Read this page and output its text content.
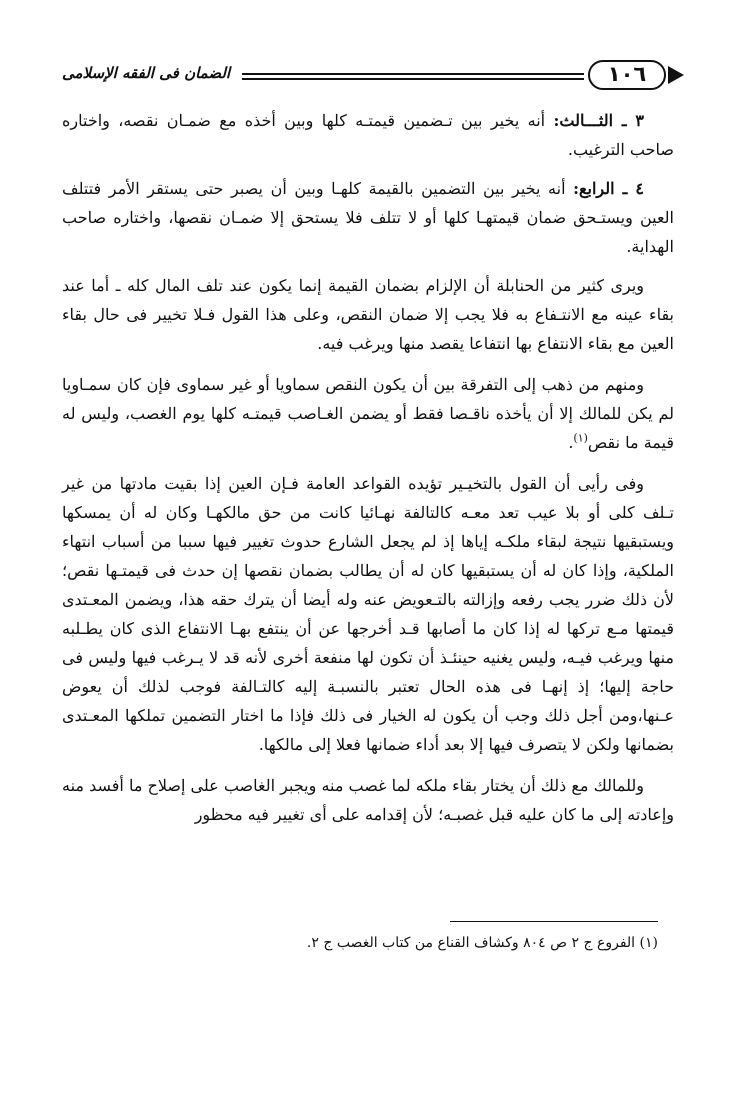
الضمان فى الفقه الإسلامى	١٠٦

٣ ـ الثـــالث: أنه يخير بين تـضمين قيمتـه كلها وبين أخذه مع ضمـان نقصه، واختاره صاحب الترغيب.

٤ ـ الرابع: أنه يخير بين التضمين بالقيمة كلهـا وبين أن يصبر حتى يستقر الأمر فتتلف العين ويستـحق ضمان قيمتهـا كلها أو لا تتلف فلا يستحق إلا ضمـان نقصها، واختاره صاحب الهداية.

ويرى كثير من الحنابلة أن الإلزام بضمان القيمة إنما يكون عند تلف المال كله ـ أما عند بقاء عينه مع الانتـفاع به فلا يجب إلا ضمان النقص، وعلى هذا القول فـلا تخيير فى حال بقاء العين مع بقاء الانتفاع بها انتفاعا يقصد منها ويرغب فيه.

ومنهم من ذهب إلى التفرقة بين أن يكون النقص سماويا أو غير سماوى فإن كان سمـاويا لم يكن للمالك إلا أن يأخذه ناقـصا فقط أو يضمن الغـاصب قيمتـه كلها يوم الغصب، وليس له قيمة ما نقص$^{(١)}$.

وفى رأيى أن القول بالتخيـير تؤيده القواعد العامة فـإن العين إذا بقيت مادتها من غير تـلف كلى أو بلا عيب تعد معـه كالتالفة نهـائيا كانت من حق مالكهـا وكان له أن يمسكها ويستبقيها نتيجة لبقاء ملكـه إياها إذ لم يجعل الشارع حدوث تغيير فيها سببا من أسباب انتهاء الملكية، وإذا كان له أن يستبقيها كان له أن يطالب بضمان نقصها إن حدث فى قيمتـها نقص؛ لأن ذلك ضرر يجب رفعه وإزالته بالتـعويض عنه وله أيضا أن يترك حقه هذا، ويضمن المعـتدى قيمتها مـع تركها له إذا كان ما أصابها قـد أخرجها عن أن ينتفع بهـا الانتفاع الذى كان يطـلبه منها ويرغب فيـه، وليس يغنيه حينئـذ أن تكون لها منفعة أخرى لأنه قد لا يـرغب فيها وليس فى حاجة إليها؛ إذ إنهـا فى هذه الحال تعتبر بالنسبـة إليه كالتـالفة فوجب لذلك أن يعوض عـنها،ومن أجل ذلك وجب أن يكون له الخيار فى ذلك فإذا ما اختار التضمين تملكها المعـتدى بضمانها ولكن لا يتصرف فيها إلا بعد أداء ضمانها فعلا إلى مالكها.

وللمالك مع ذلك أن يختار بقاء ملكه لما غصب منه ويجبر الغاصب على إصلاح ما أفسد منه وإعادته إلى ما كان عليه قبل غصبـه؛ لأن إقدامه على أى تغيير فيه محظور

(١) الفروع ج ٢ ص ٨٠٤ وكشاف القناع من كتاب الغصب ج ٢.
